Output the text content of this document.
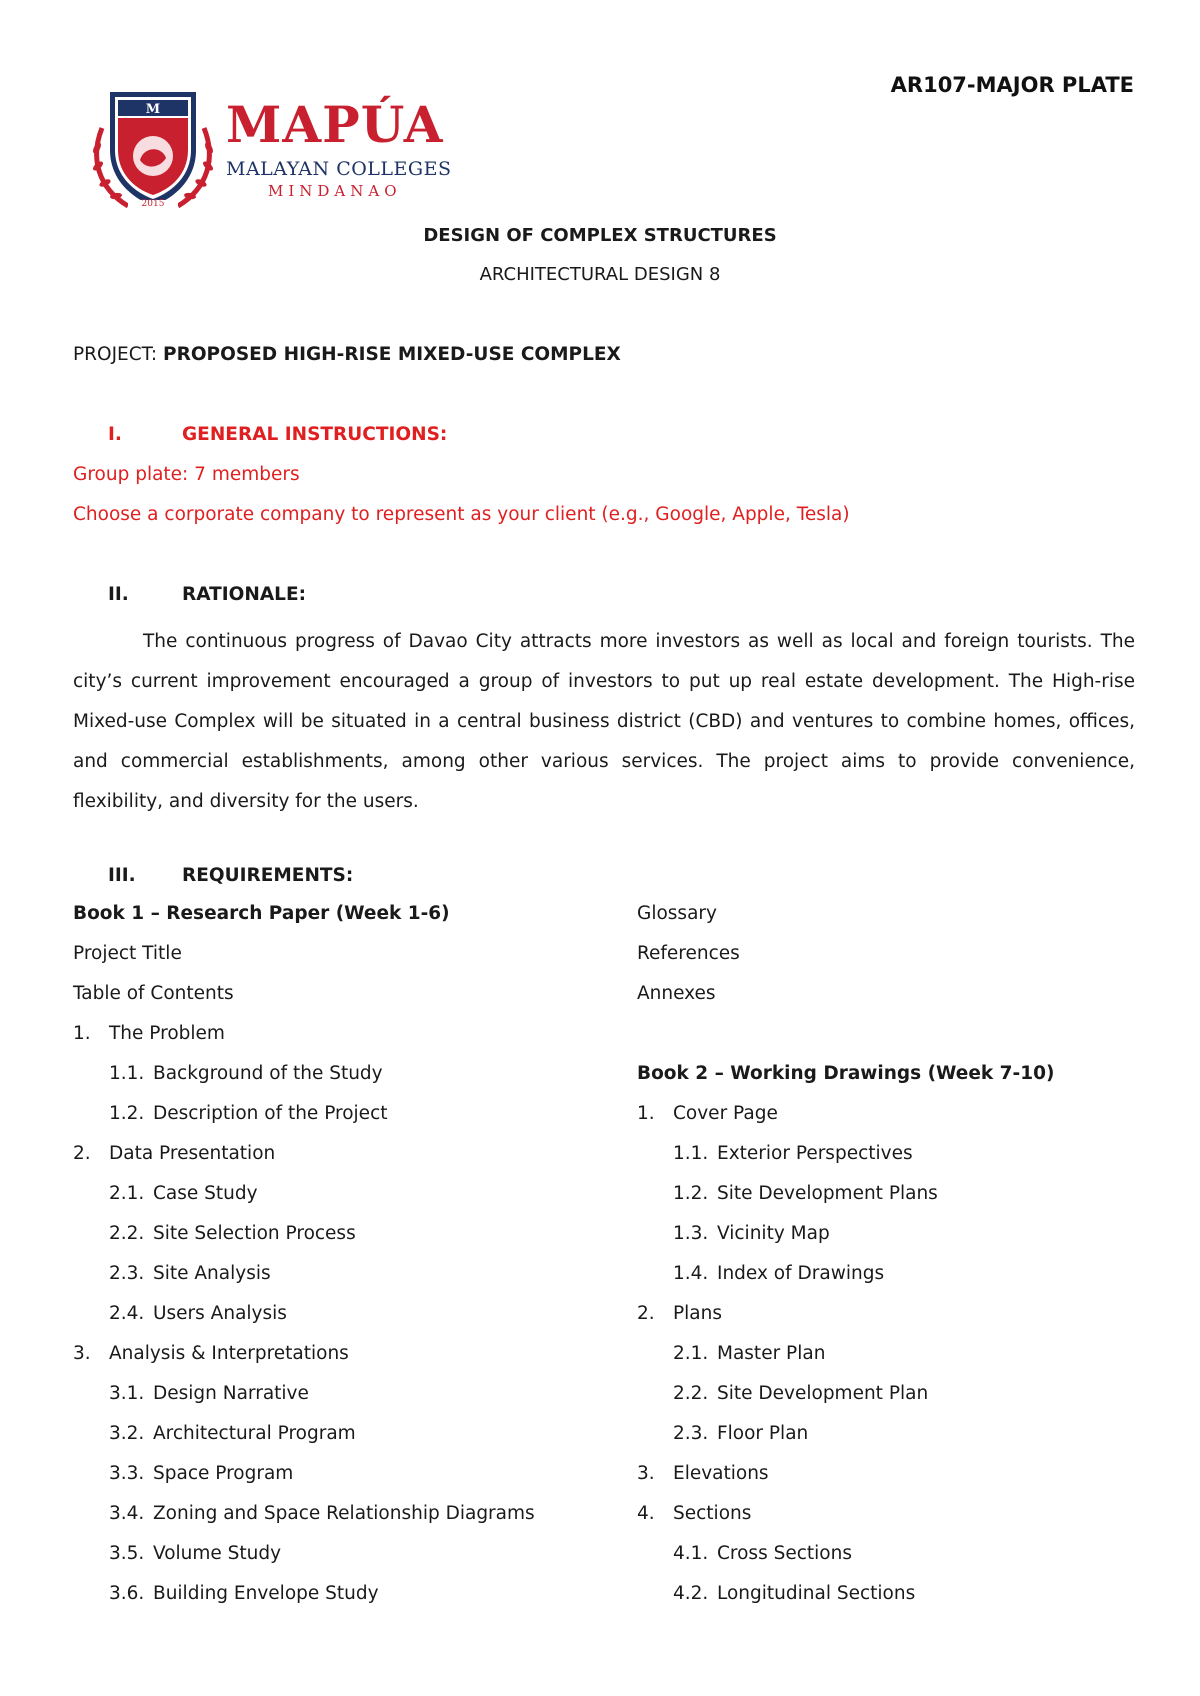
AR107-MAJOR PLATE
M
2015
MAPÚA
MALAYAN COLLEGES
MINDANAO
DESIGN OF COMPLEX STRUCTURES
ARCHITECTURAL DESIGN 8
PROJECT: PROPOSED HIGH-RISE MIXED-USE COMPLEX
I.	GENERAL INSTRUCTIONS:
Group plate: 7 members
Choose a corporate company to represent as your client (e.g., Google, Apple, Tesla)
II.	RATIONALE:
The continuous progress of Davao City attracts more investors as well as local and foreign tourists. The city’s current improvement encouraged a group of investors to put up real estate development. The High-rise Mixed-use Complex will be situated in a central business district (CBD) and ventures to combine homes, offices, and commercial establishments, among other various services. The project aims to provide convenience, flexibility, and diversity for the users.
III.	REQUIREMENTS:
Book 1 – Research Paper (Week 1-6)
Project Title
Table of Contents
1. The Problem
1.1. Background of the Study
1.2. Description of the Project
2. Data Presentation
2.1. Case Study
2.2. Site Selection Process
2.3. Site Analysis
2.4. Users Analysis
3. Analysis & Interpretations
3.1. Design Narrative
3.2. Architectural Program
3.3. Space Program
3.4. Zoning and Space Relationship Diagrams
3.5. Volume Study
3.6. Building Envelope Study
Glossary
References
Annexes
Book 2 – Working Drawings (Week 7-10)
1. Cover Page
1.1. Exterior Perspectives
1.2. Site Development Plans
1.3. Vicinity Map
1.4. Index of Drawings
2. Plans
2.1. Master Plan
2.2. Site Development Plan
2.3. Floor Plan
3. Elevations
4. Sections
4.1. Cross Sections
4.2. Longitudinal Sections
